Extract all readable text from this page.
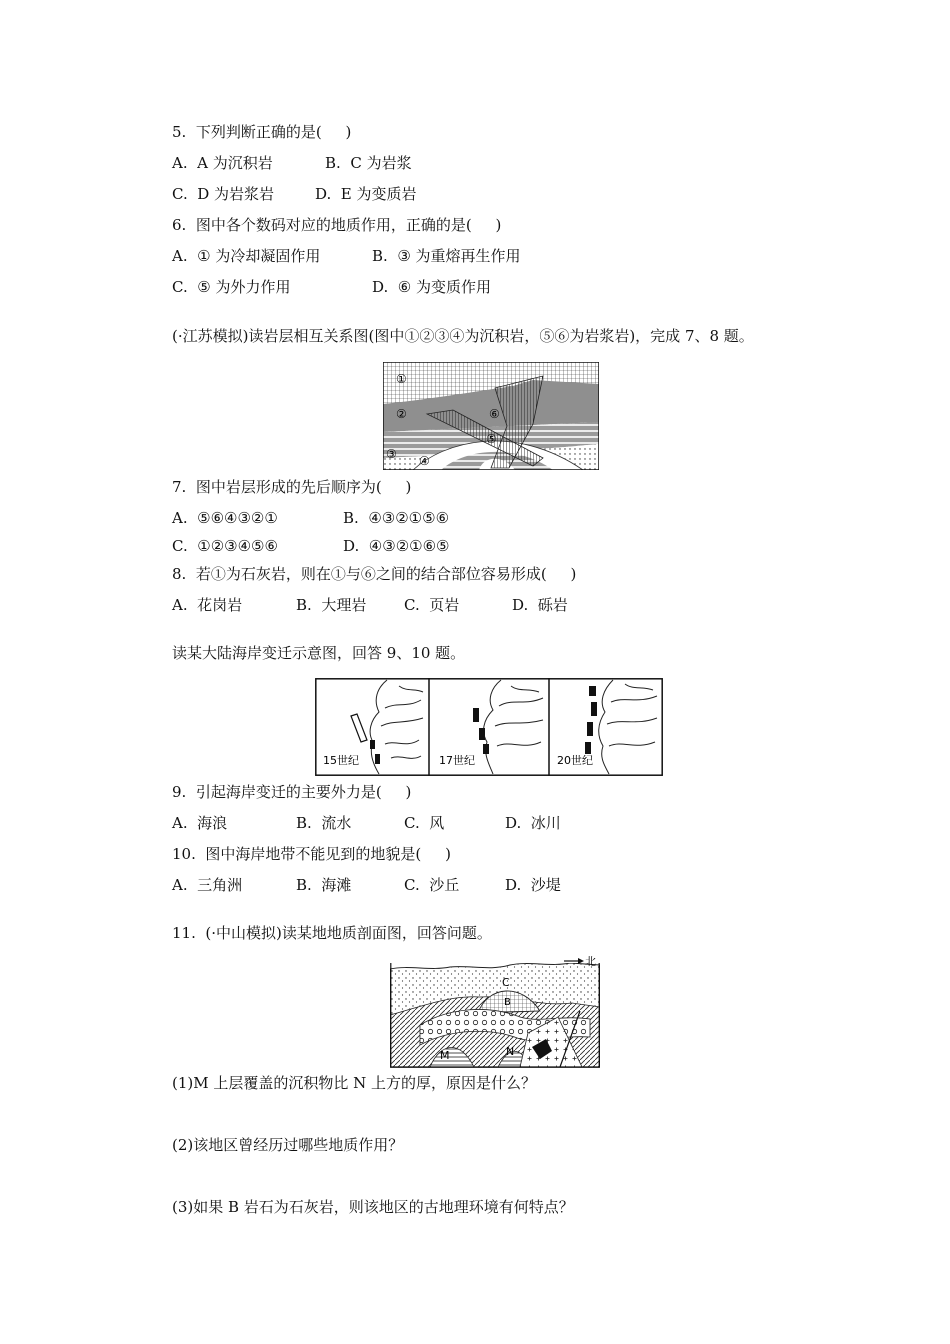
5.  下列判断正确的是(     )
A.  A 为沉积岩	B.  C 为岩浆
C.  D 为岩浆岩	D.  E 为变质岩
6.  图中各个数码对应的地质作用，正确的是(     )
A.  ① 为冷却凝固作用	B.  ③ 为重熔再生作用
C.  ⑤ 为外力作用	D.  ⑥ 为变质作用
(·江苏模拟)读岩层相互关系图(图中①②③④为沉积岩，⑤⑥为岩浆岩)，完成 7、8 题。
①
②
③ ④
⑤
⑥
7.  图中岩层形成的先后顺序为(     )
A.  ⑤⑥④③②①	B.  ④③②①⑤⑥
C.  ①②③④⑤⑥	D.  ④③②①⑥⑤
8.  若①为石灰岩，则在①与⑥之间的结合部位容易形成(     )
A.  花岗岩	B.  大理岩	C.  页岩	D.  砾岩
读某大陆海岸变迁示意图，回答 9、10 题。
15世纪	17世纪	20世纪
9.  引起海岸变迁的主要外力是(     )
A.  海浪	B.  流水	C.  风	D.  冰川
10.  图中海岸地带不能见到的地貌是(     )
A.  三角洲	B.  海滩	C.  沙丘	D.  沙堤
11.  (·中山模拟)读某地地质剖面图，回答问题。
北
C
B
M	N
(1)M 上层覆盖的沉积物比 N 上方的厚，原因是什么？
(2)该地区曾经历过哪些地质作用？
(3)如果 B 岩石为石灰岩，则该地区的古地理环境有何特点？
